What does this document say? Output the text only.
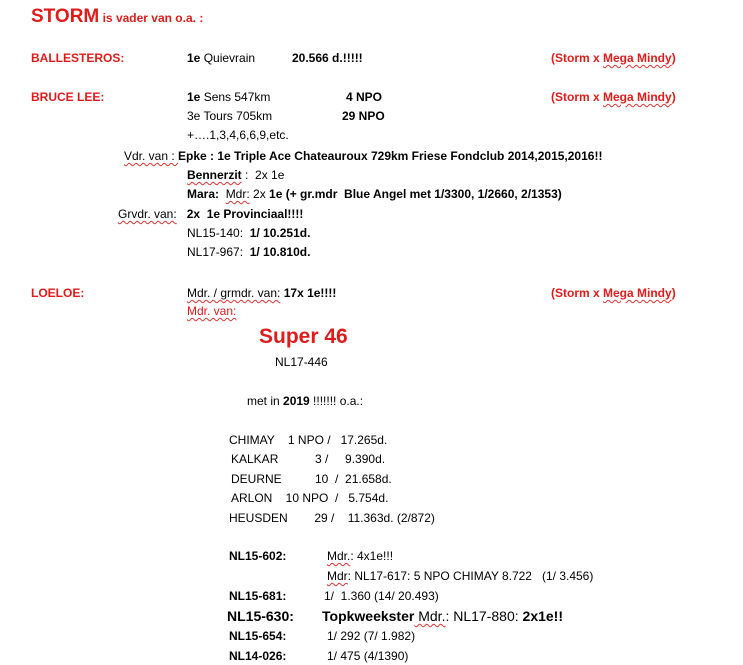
STORM is vader van o.a. :
BALLESTEROS:	1e Quievrain	20.566 d.!!!!!	(Storm x Mega Mindy)
BRUCE LEE:	1e Sens 547km	4 NPO	(Storm x Mega Mindy)
3e Tours 705km	29 NPO
+….1,3,4,6,6,9,etc.
Vdr. van : Epke : 1e Triple Ace Chateauroux 729km Friese Fondclub 2014,2015,2016!!
Bennerzit :  2x 1e
Mara: Mdr: 2x 1e (+ gr.mdr  Blue Angel met 1/3300, 1/2660, 2/1353)
Grvdr. van: 2x  1e Provinciaal!!!!
NL15-140: 1/ 10.251d.
NL17-967: 1/ 10.810d.
LOELOE:	Mdr. / grmdr. van: 17x 1e!!!!	(Storm x Mega Mindy)
Mdr. van:
Super 46
NL17-446
met in 2019 !!!!!!! o.a.:
CHIMAY    1 NPO /   17.265d.
KALKAR           3 /     9.390d.
DEURNE          10  /  21.658d.
ARLON    10 NPO  /   5.754d.
HEUSDEN        29 /    11.363d. (2/872)
NL15-602:	Mdr.: 4x1e!!!
Mdr: NL17-617: 5 NPO CHIMAY 8.722   (1/ 3.456)
NL15-681:	1/  1.360 (14/ 20.493)
NL15-630: Topkweekster Mdr.: NL17-880: 2x1e!!
NL15-654:	1/ 292 (7/ 1.982)
NL14-026:	1/ 475 (4/1390)
